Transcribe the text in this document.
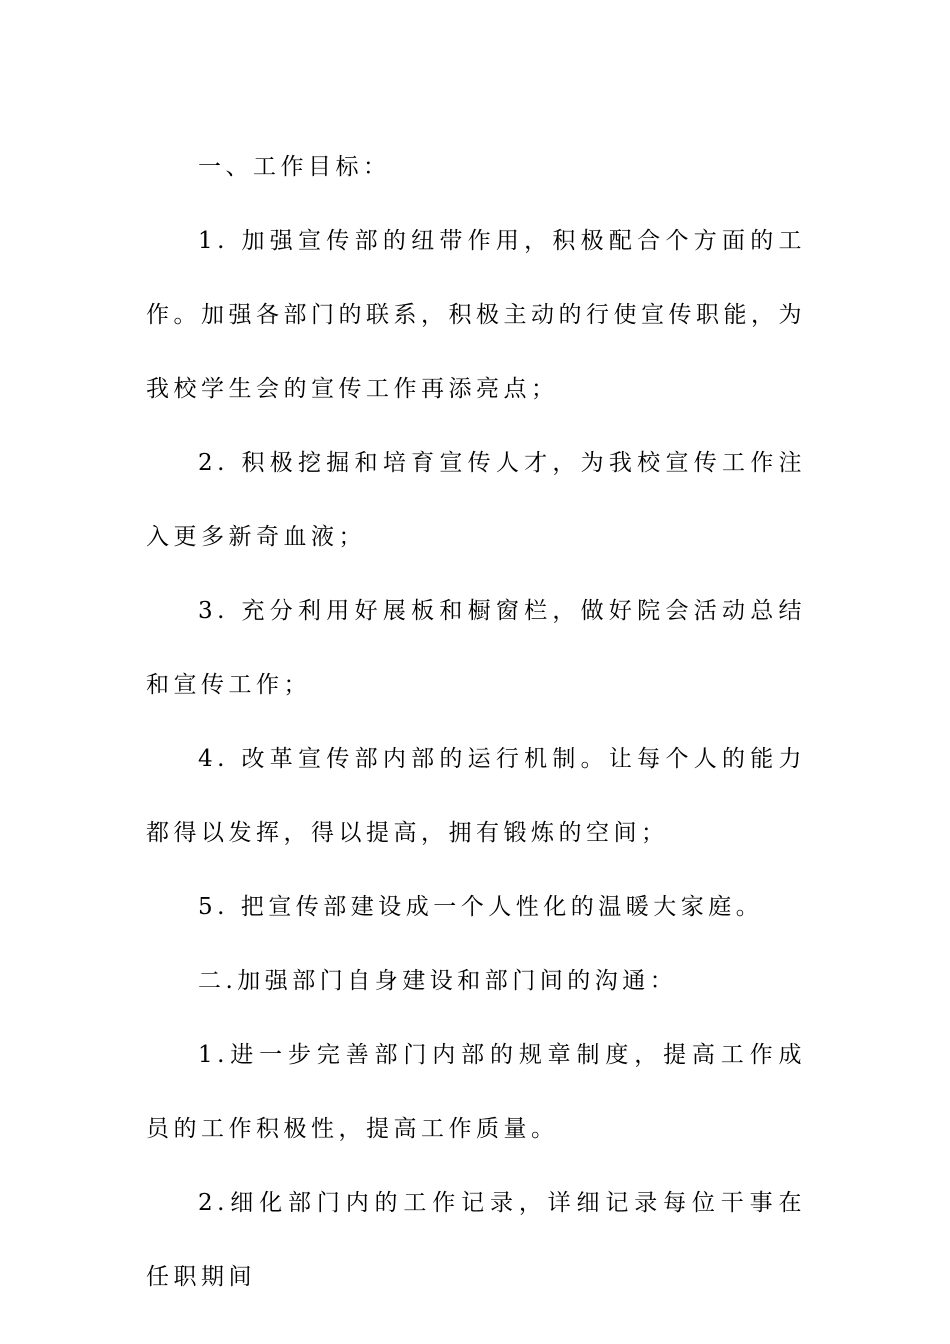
一、工作目标：

1. 加强宣传部的纽带作用，积极配合个方面的工作。加强各部门的联系，积极主动的行使宣传职能，为我校学生会的宣传工作再添亮点；

2. 积极挖掘和培育宣传人才，为我校宣传工作注入更多新奇血液；

3. 充分利用好展板和橱窗栏，做好院会活动总结和宣传工作；

4. 改革宣传部内部的运行机制。让每个人的能力都得以发挥，得以提高，拥有锻炼的空间；

5. 把宣传部建设成一个人性化的温暖大家庭。

二.加强部门自身建设和部门间的沟通：

1.进一步完善部门内部的规章制度，提高工作成员的工作积极性，提高工作质量。

2.细化部门内的工作记录，详细记录每位干事在任职期间
